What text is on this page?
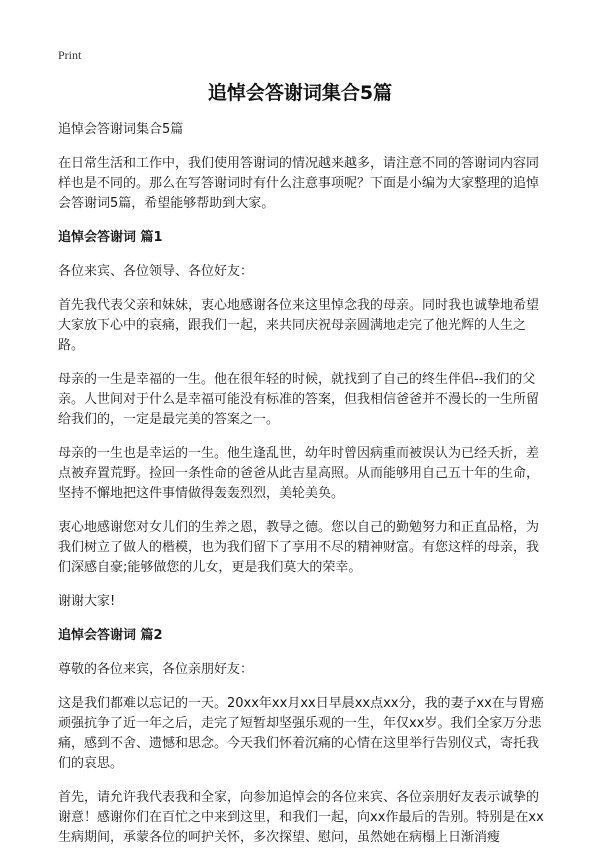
Print
追悼会答谢词集合5篇

追悼会答谢词集合5篇

在日常生活和工作中，我们使用答谢词的情况越来越多，请注意不同的答谢词内容同样也是不同的。那么在写答谢词时有什么注意事项呢？下面是小编为大家整理的追悼会答谢词5篇，希望能够帮助到大家。

追悼会答谢词 篇1

各位来宾、各位领导、各位好友：

首先我代表父亲和妹妹，衷心地感谢各位来这里悼念我的母亲。同时我也诚挚地希望大家放下心中的哀痛，跟我们一起，来共同庆祝母亲圆满地走完了他光辉的人生之路。

母亲的一生是幸福的一生。他在很年轻的时候，就找到了自己的终生伴侣--我们的父亲。人世间对于什么是幸福可能没有标准的答案，但我相信爸爸并不漫长的一生所留给我们的，一定是最完美的答案之一。

母亲的一生也是幸运的一生。他生逢乱世，幼年时曾因病重而被误认为已经夭折，差点被弃置荒野。捡回一条性命的爸爸从此吉星高照。从而能够用自己五十年的生命，坚持不懈地把这件事情做得轰轰烈烈，美轮美奂。

衷心地感谢您对女儿们的生养之恩，教导之德。您以自己的勤勉努力和正直品格，为我们树立了做人的楷模，也为我们留下了享用不尽的精神财富。有您这样的母亲，我们深感自豪;能够做您的儿女，更是我们莫大的荣幸。

谢谢大家!

追悼会答谢词 篇2

尊敬的各位来宾，各位亲朋好友：

这是我们都难以忘记的一天。20xx年xx月xx日早晨xx点xx分，我的妻子xx在与胃癌顽强抗争了近一年之后，走完了短暂却坚强乐观的一生，年仅xx岁。我们全家万分悲痛，感到不舍、遗憾和思念。今天我们怀着沉痛的心情在这里举行告别仪式，寄托我们的哀思。

首先，请允许我代表我和全家，向参加追悼会的各位来宾、各位亲朋好友表示诚挚的谢意！感谢你们在百忙之中来到这里，和我们一起，向xx作最后的告别。特别是在xx生病期间，承蒙各位的呵护关怀，多次探望、慰问，虽然她在病榻上日渐消瘦
